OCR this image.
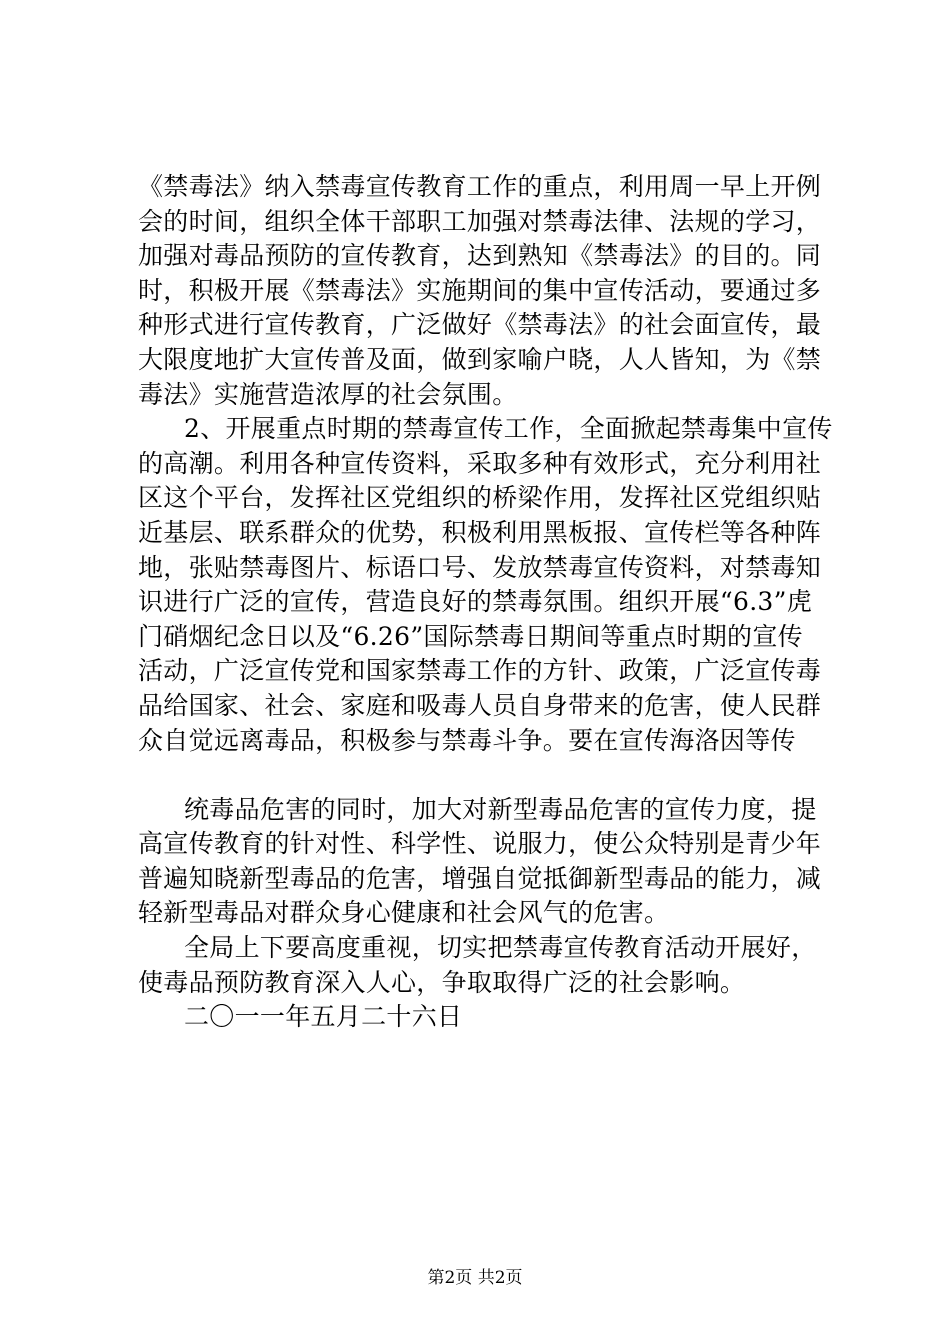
《禁毒法》纳入禁毒宣传教育工作的重点，利用周一早上开例
会的时间，组织全体干部职工加强对禁毒法律、法规的学习，
加强对毒品预防的宣传教育，达到熟知《禁毒法》的目的。同
时，积极开展《禁毒法》实施期间的集中宣传活动，要通过多
种形式进行宣传教育，广泛做好《禁毒法》的社会面宣传，最
大限度地扩大宣传普及面，做到家喻户晓，人人皆知，为《禁
毒法》实施营造浓厚的社会氛围。
2、开展重点时期的禁毒宣传工作，全面掀起禁毒集中宣传
的高潮。利用各种宣传资料，采取多种有效形式，充分利用社
区这个平台，发挥社区党组织的桥梁作用，发挥社区党组织贴
近基层、联系群众的优势，积极利用黑板报、宣传栏等各种阵
地，张贴禁毒图片、标语口号、发放禁毒宣传资料，对禁毒知
识进行广泛的宣传，营造良好的禁毒氛围。组织开展“6.3”虎
门硝烟纪念日以及“6.26”国际禁毒日期间等重点时期的宣传
活动，广泛宣传党和国家禁毒工作的方针、政策，广泛宣传毒
品给国家、社会、家庭和吸毒人员自身带来的危害，使人民群
众自觉远离毒品，积极参与禁毒斗争。要在宣传海洛因等传
统毒品危害的同时，加大对新型毒品危害的宣传力度，提
高宣传教育的针对性、科学性、说服力，使公众特别是青少年
普遍知晓新型毒品的危害，增强自觉抵御新型毒品的能力，减
轻新型毒品对群众身心健康和社会风气的危害。
全局上下要高度重视，切实把禁毒宣传教育活动开展好，
使毒品预防教育深入人心，争取取得广泛的社会影响。
二〇一一年五月二十六日
第2页 共2页
